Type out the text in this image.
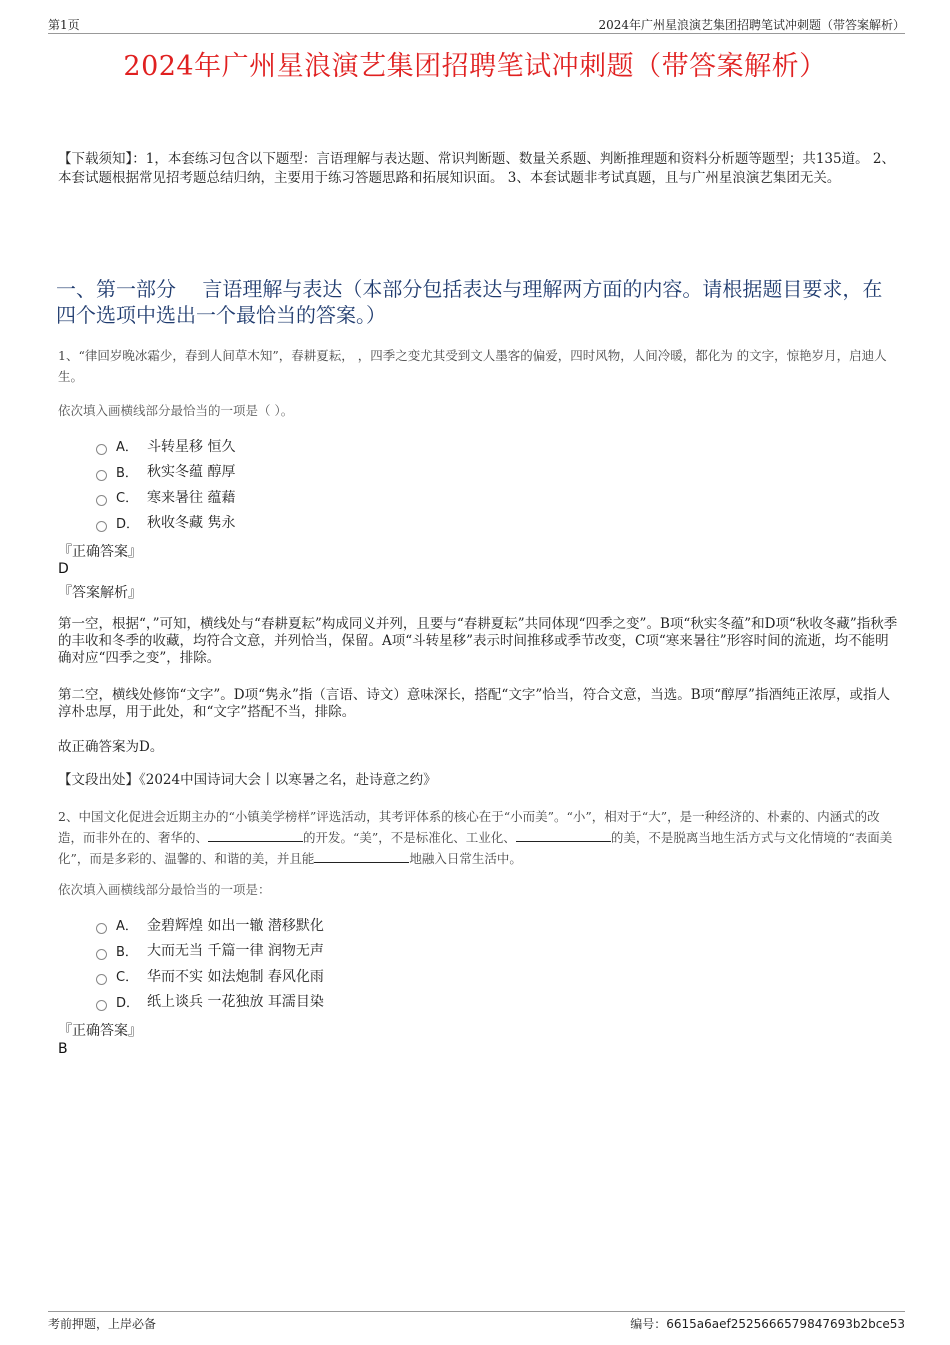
第1页	2024年广州星浪演艺集团招聘笔试冲刺题（带答案解析）
2024年广州星浪演艺集团招聘笔试冲刺题（带答案解析）
【下载须知】：1，本套练习包含以下题型：言语理解与表达题、常识判断题、数量关系题、判断推理题和资料分析题等题型；共135道。 2、本套试题根据常见招考题总结归纳，主要用于练习答题思路和拓展知识面。 3、本套试题非考试真题，且与广州星浪演艺集团无关。
一、第一部分　 言语理解与表达（本部分包括表达与理解两方面的内容。请根据题目要求，在四个选项中选出一个最恰当的答案。）
1、“律回岁晚冰霜少，春到人间草木知”，春耕夏耘， ，四季之变尤其受到文人墨客的偏爱，四时风物，人间冷暖，都化为 的文字，惊艳岁月，启迪人生。
依次填入画横线部分最恰当的一项是（ ）。
A． 斗转星移 恒久
B． 秋实冬蕴 醇厚
C． 寒来暑往 蕴藉
D． 秋收冬藏 隽永
『正确答案』
D
『答案解析』
第一空，根据“，”可知，横线处与“春耕夏耘”构成同义并列，且要与“春耕夏耘”共同体现“四季之变”。B项“秋实冬蕴”和D项“秋收冬藏”指秋季的丰收和冬季的收藏，均符合文意，并列恰当，保留。A项“斗转星移”表示时间推移或季节改变，C项“寒来暑往”形容时间的流逝，均不能明确对应“四季之变”，排除。
第二空，横线处修饰“文字”。D项“隽永”指（言语、诗文）意味深长，搭配“文字”恰当，符合文意，当选。B项“醇厚”指酒纯正浓厚，或指人淳朴忠厚，用于此处，和“文字”搭配不当，排除。
故正确答案为D。
【文段出处】《2024中国诗词大会丨以寒暑之名，赴诗意之约》
2、中国文化促进会近期主办的“小镇美学榜样”评选活动，其考评体系的核心在于“小而美”。“小”，相对于“大”，是一种经济的、朴素的、内涵式的改造，而非外在的、奢华的、	的开发。“美”，不是标准化、工业化、	的美，不是脱离当地生活方式与文化情境的“表面美化”，而是多彩的、温馨的、和谐的美，并且能	地融入日常生活中。
依次填入画横线部分最恰当的一项是：
A． 金碧辉煌 如出一辙 潜移默化
B． 大而无当 千篇一律 润物无声
C． 华而不实 如法炮制 春风化雨
D． 纸上谈兵 一花独放 耳濡目染
『正确答案』
B
考前押题，上岸必备	编号：6615a6aef2525666579847693b2bce53
